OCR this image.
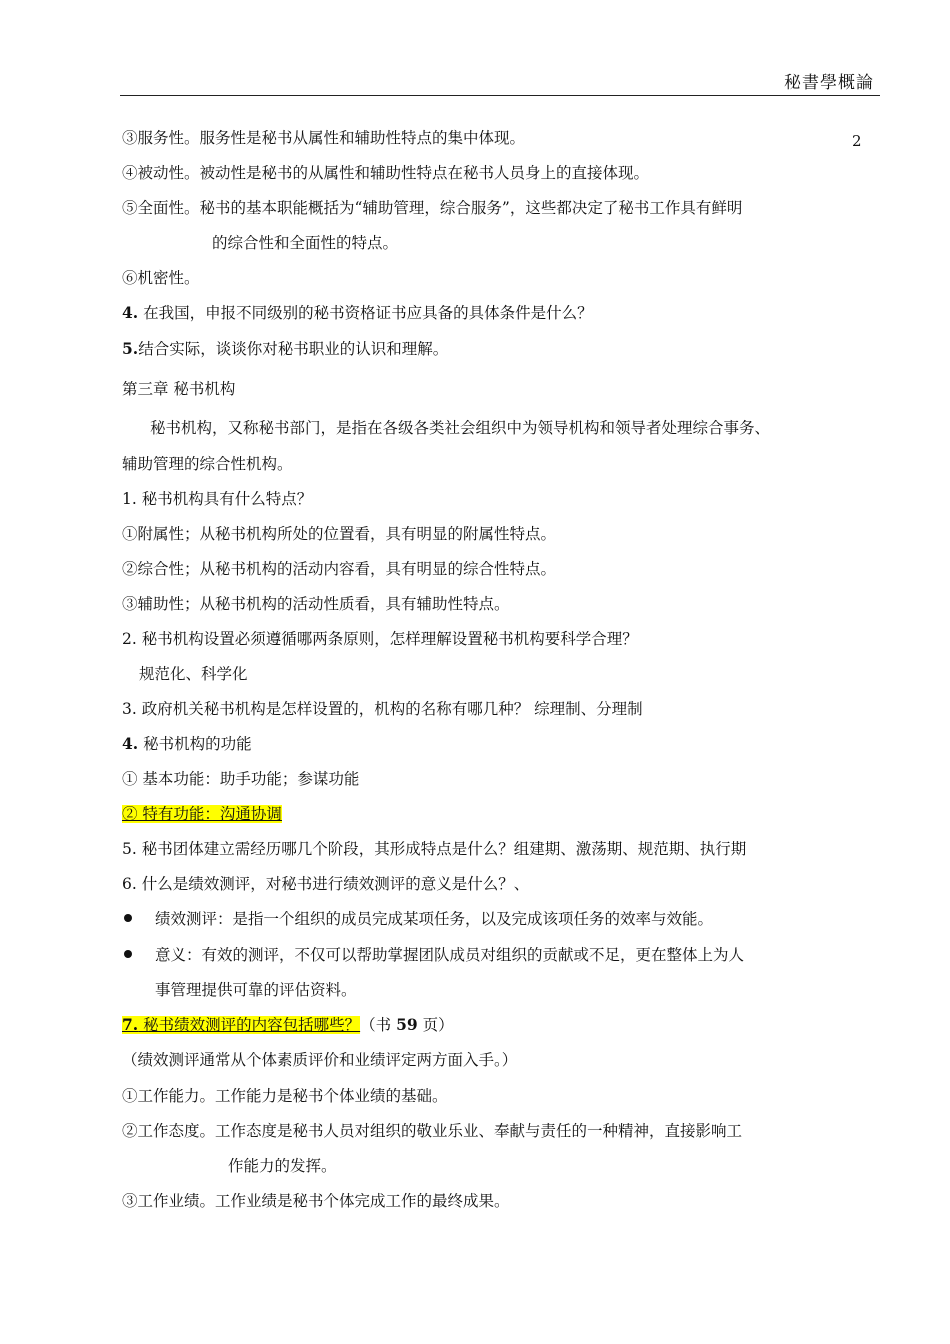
秘書學概論
2
③服务性。服务性是秘书从属性和辅助性特点的集中体现。
④被动性。被动性是秘书的从属性和辅助性特点在秘书人员身上的直接体现。
⑤全面性。秘书的基本职能概括为“辅助管理，综合服务”，这些都决定了秘书工作具有鲜明
的综合性和全面性的特点。
⑥机密性。
4. 在我国，申报不同级别的秘书资格证书应具备的具体条件是什么？
5.结合实际，谈谈你对秘书职业的认识和理解。
第三章 秘书机构
秘书机构，又称秘书部门，是指在各级各类社会组织中为领导机构和领导者处理综合事务、
辅助管理的综合性机构。
1. 秘书机构具有什么特点？
①附属性；从秘书机构所处的位置看，具有明显的附属性特点。
②综合性；从秘书机构的活动内容看，具有明显的综合性特点。
③辅助性；从秘书机构的活动性质看，具有辅助性特点。
2. 秘书机构设置必须遵循哪两条原则，怎样理解设置秘书机构要科学合理？
规范化、科学化
3. 政府机关秘书机构是怎样设置的，机构的名称有哪几种？ 综理制、分理制
4. 秘书机构的功能
① 基本功能：助手功能；参谋功能
② 特有功能：沟通协调
5. 秘书团体建立需经历哪几个阶段，其形成特点是什么？组建期、激荡期、规范期、执行期
6. 什么是绩效测评，对秘书进行绩效测评的意义是什么？、
绩效测评：是指一个组织的成员完成某项任务，以及完成该项任务的效率与效能。
意义：有效的测评，不仅可以帮助掌握团队成员对组织的贡献或不足，更在整体上为人
事管理提供可靠的评估资料。
7. 秘书绩效测评的内容包括哪些？（书 59 页）
（绩效测评通常从个体素质评价和业绩评定两方面入手。）
①工作能力。工作能力是秘书个体业绩的基础。
②工作态度。工作态度是秘书人员对组织的敬业乐业、奉献与责任的一种精神，直接影响工
作能力的发挥。
③工作业绩。工作业绩是秘书个体完成工作的最终成果。
